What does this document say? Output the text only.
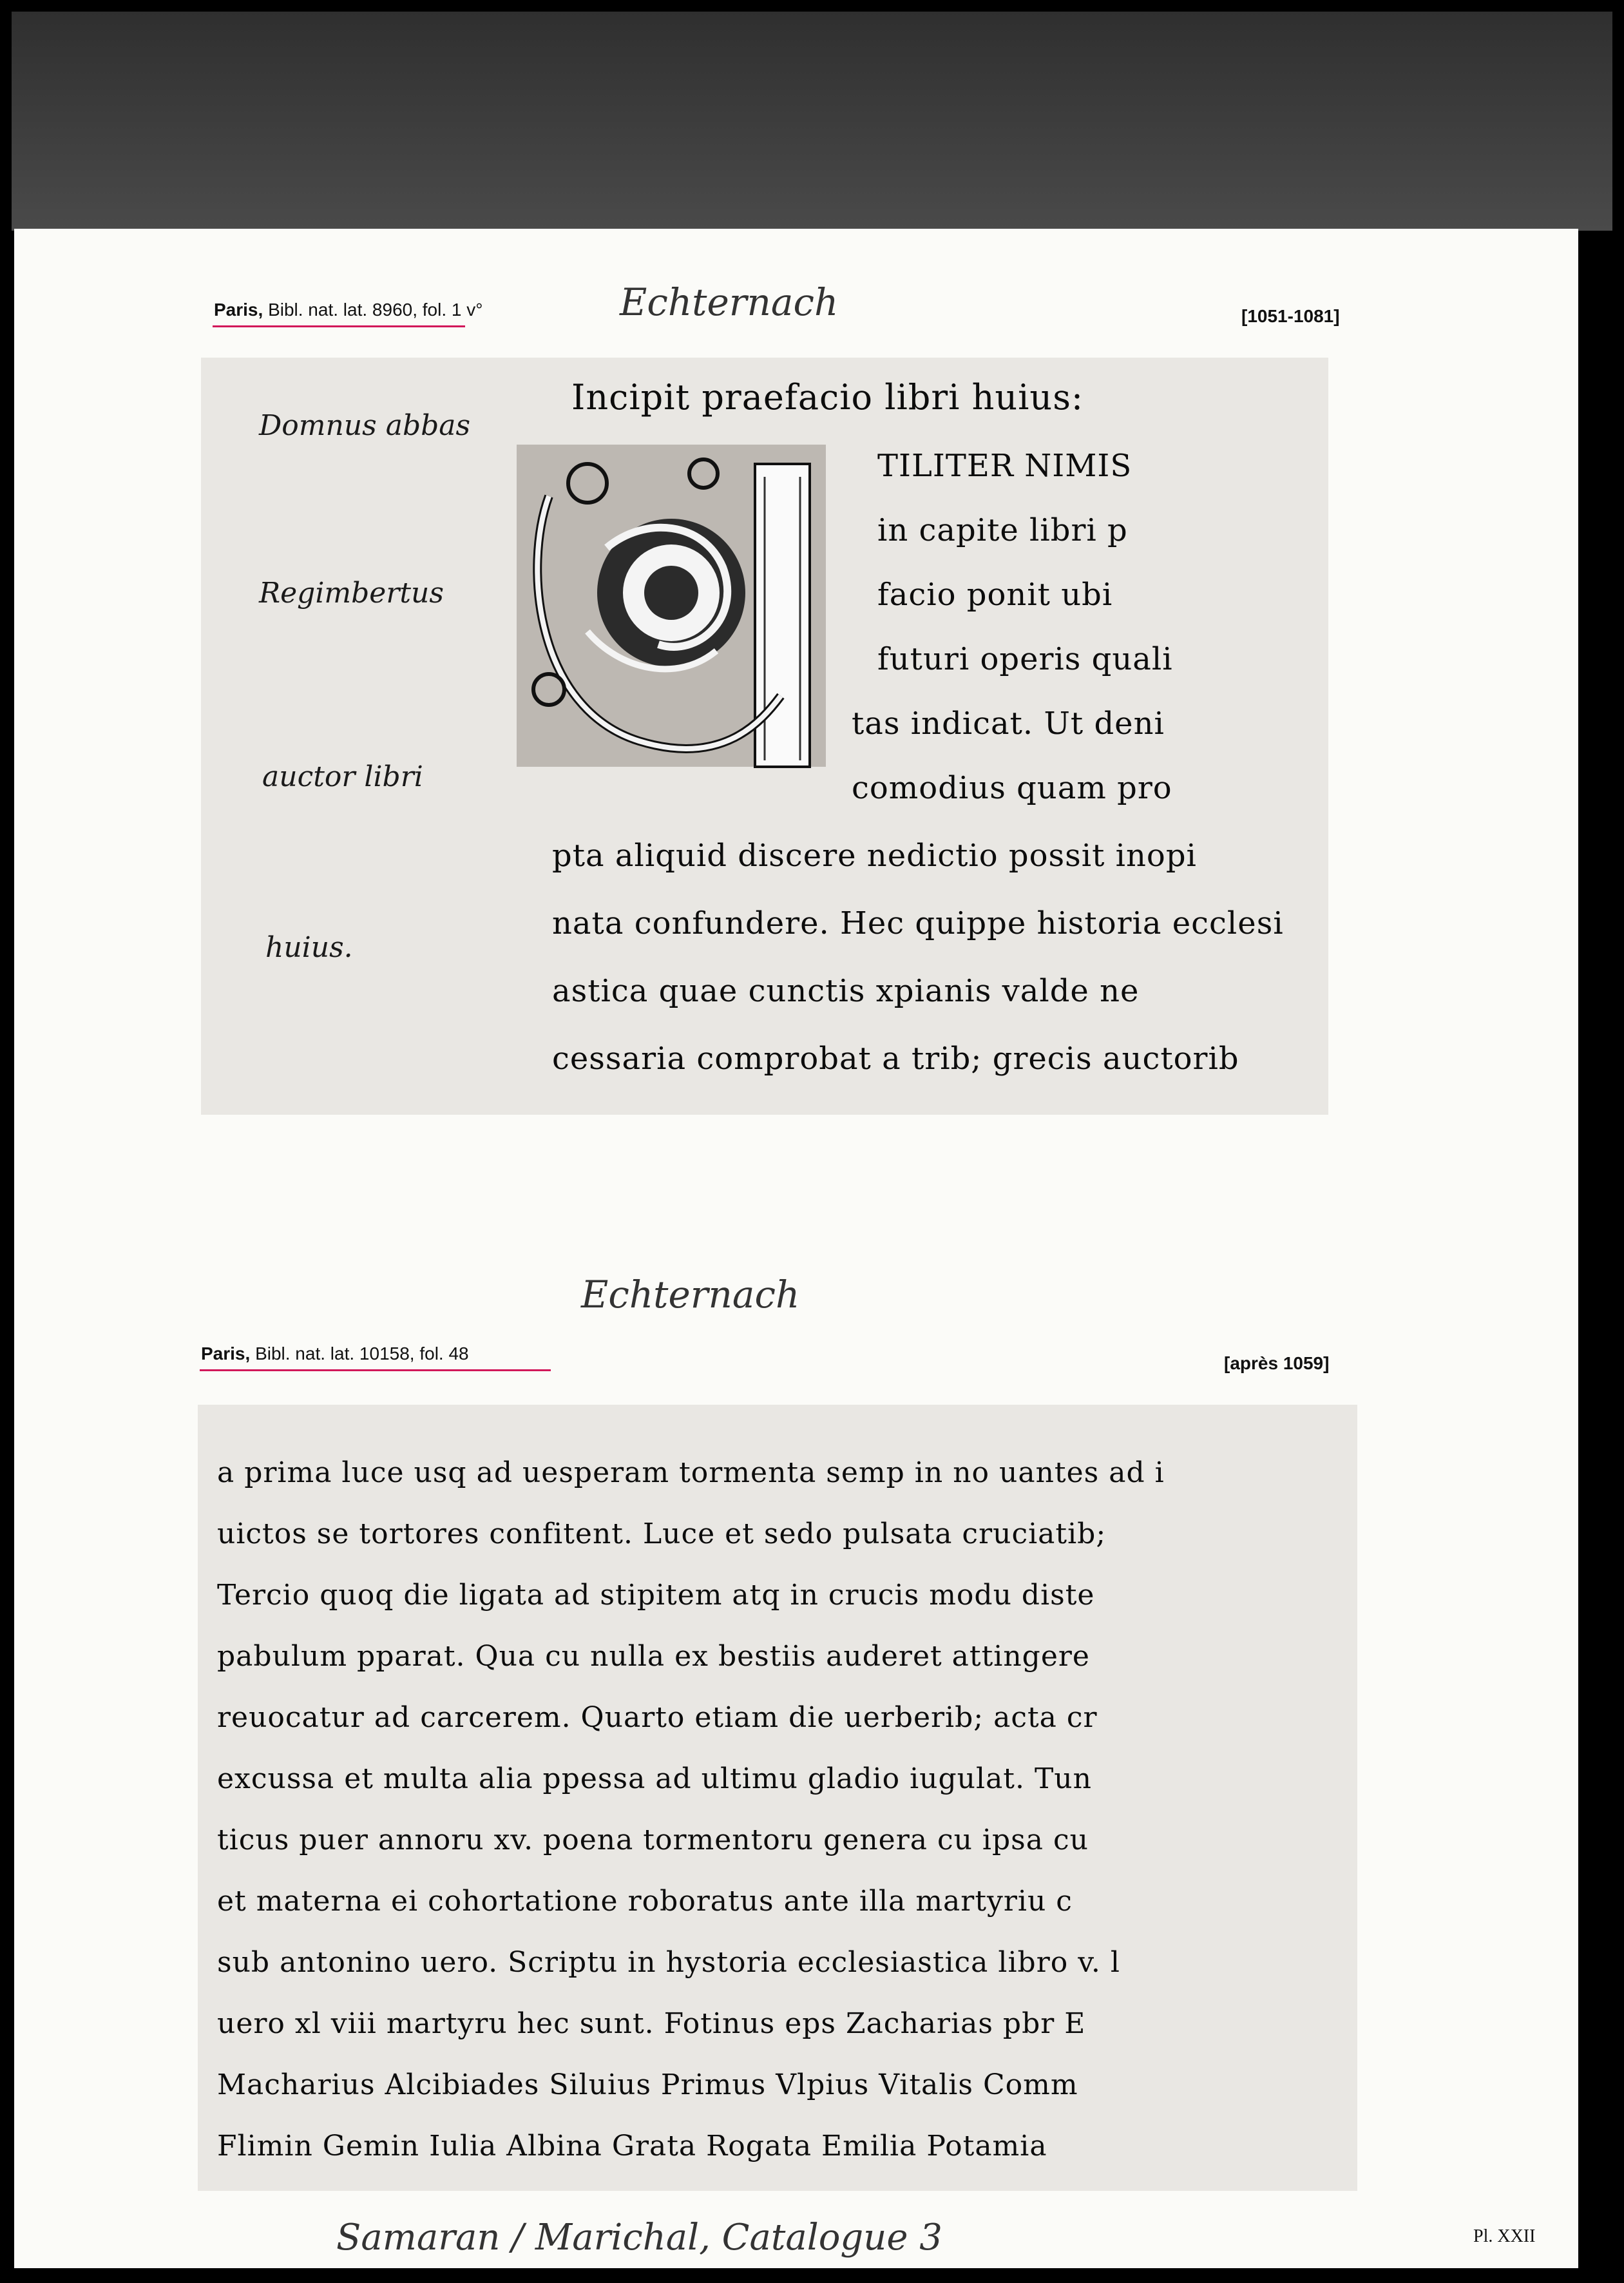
Paris, Bibl. nat. lat. 8960, fol. 1 v°	Echternach	[1051-1081]
Domnus abbas
Regimbertus
auctor libri
huius.
Incipit praefacio libri huius:
TILITER NIMIS
in capite libri p
facio ponit ubi
futuri operis quali
tas indicat. Ut deni
comodius quam pro
pta aliquid discere nedictio possit inopi
nata confundere. Hec quippe historia ecclesi
astica quae cunctis xpianis valde ne
cessaria comprobat a trib; grecis auctorib
Echternach
Paris, Bibl. nat. lat. 10158, fol. 48	[après 1059]
a prima luce usq ad uesperam tormenta semp in no uantes ad i
uictos se tortores confitent. Luce et sedo pulsata cruciatib;
Tercio quoq die ligata ad stipitem atq in crucis modu diste
pabulum pparat. Qua cu nulla ex bestiis auderet attingere
reuocatur ad carcerem. Quarto etiam die uerberib; acta cr
excussa et multa alia ppessa ad ultimu gladio iugulat. Tun
ticus puer annoru xv. poena tormentoru genera cu ipsa cu
et materna ei cohortatione roboratus ante illa martyriu c
sub antonino uero. Scriptu in hystoria ecclesiastica libro v. l
uero xl viii martyru hec sunt. Fotinus eps Zacharias pbr E
Macharius Alcibiades Siluius Primus Vlpius Vitalis Comm
Flimin Gemin Iulia Albina Grata Rogata Emilia Potamia
Samaran / Marichal, Catalogue 3	Pl. XXII
